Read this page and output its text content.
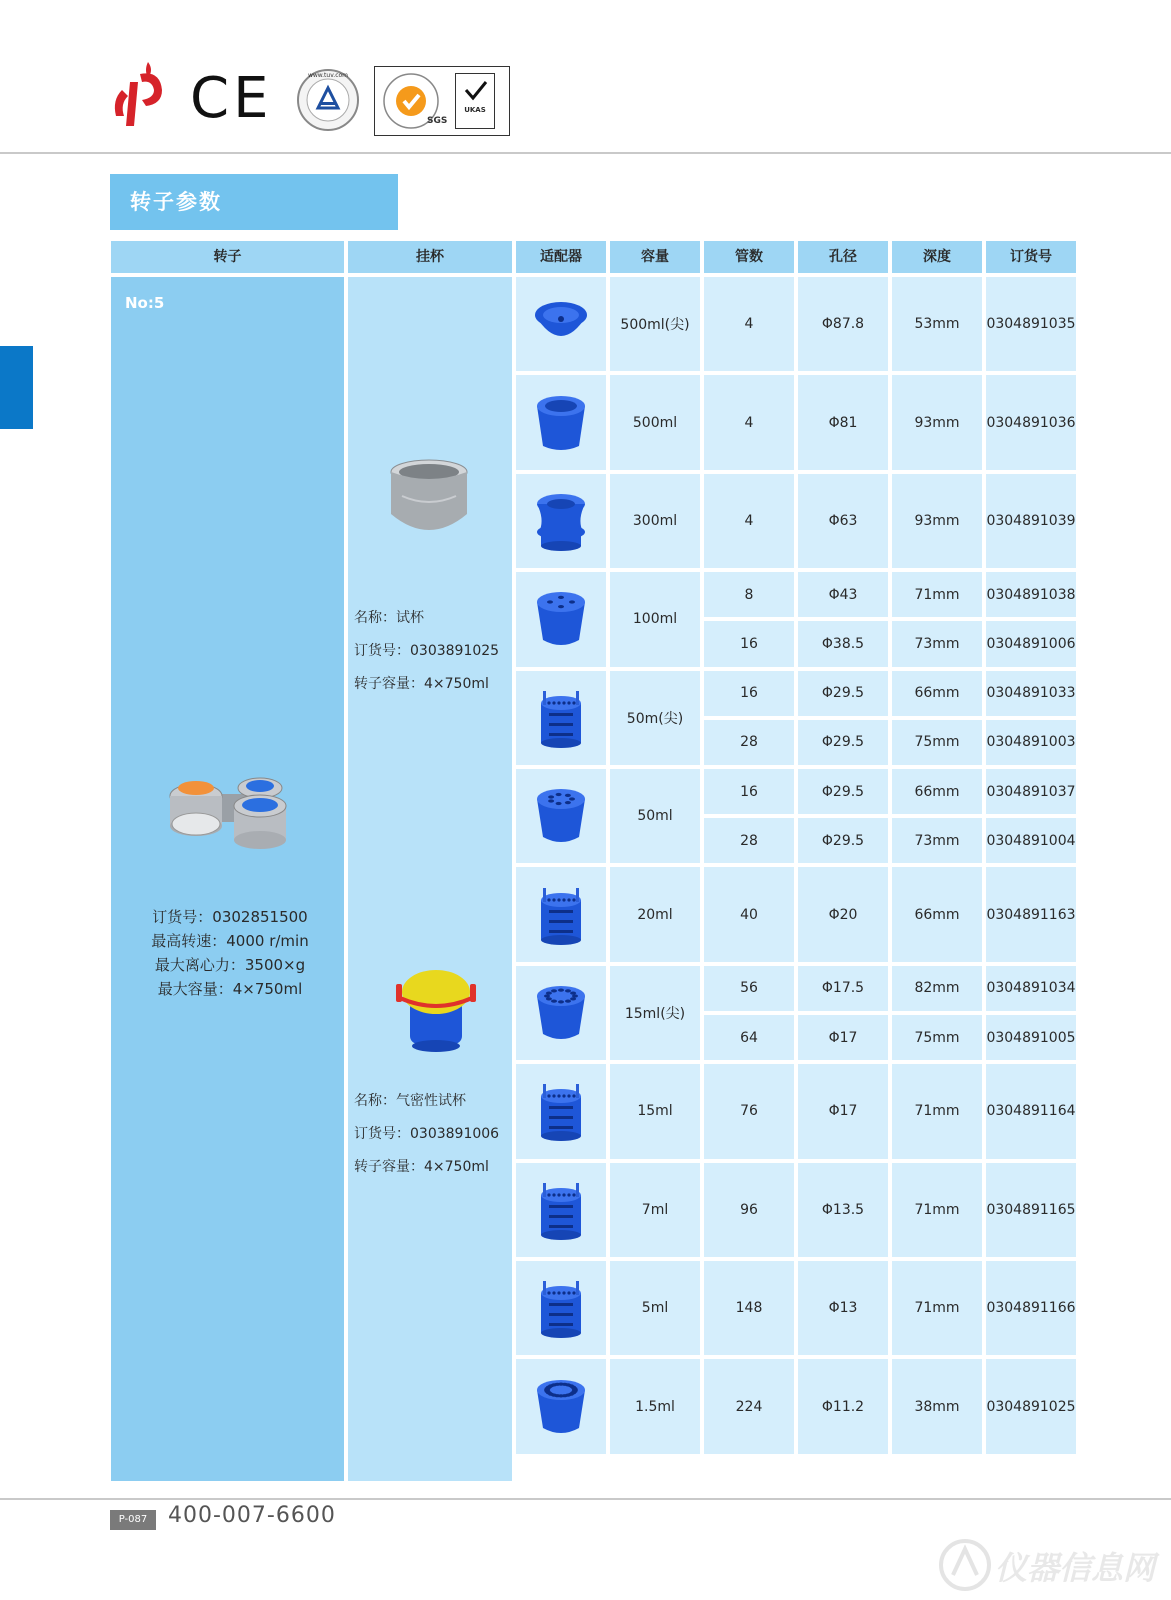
CE	www.tuv.com
SGS
UKAS
转子参数
转子	挂杯	适配器	容量	管数	孔径	深度	订货号
No:5
订货号：0302851500
最高转速：4000 r/min
最大离心力：3500×g
最大容量：4×750ml
名称：试杯
订货号：0303891025
转子容量：4×750ml
名称：气密性试杯
订货号：0303891006
转子容量：4×750ml
500ml(尖)	4	Φ87.8	53mm	0304891035
500ml	4	Φ81	93mm	0304891036
300ml	4	Φ63	93mm	0304891039
100ml
8	Φ43	71mm	0304891038
16	Φ38.5	73mm	0304891006
50m(尖)
16	Φ29.5	66mm	0304891033
28	Φ29.5	75mm	0304891003
50ml
16	Φ29.5	66mm	0304891037
28	Φ29.5	73mm	0304891004
20ml	40	Φ20	66mm	0304891163
15ml(尖)
56	Φ17.5	82mm	0304891034
64	Φ17	75mm	0304891005
15ml	76	Φ17	71mm	0304891164
7ml	96	Φ13.5	71mm	0304891165
5ml	148	Φ13	71mm	0304891166
1.5ml	224	Φ11.2	38mm	0304891025
P-087 400-007-6600
仪器信息网
